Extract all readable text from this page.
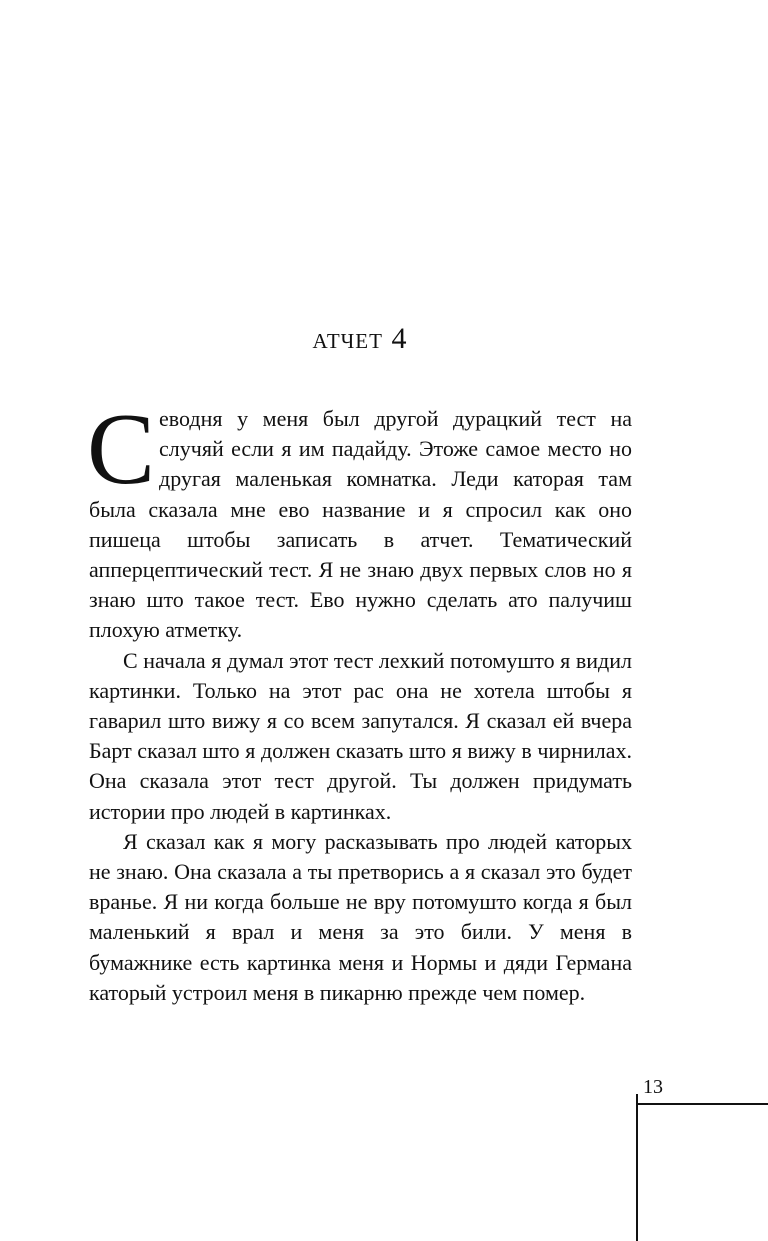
атчет 4

Севодня у меня был другой дурацкий тест на случяй если я им падайду. Этоже самое место но другая маленькая комнатка. Леди каторая там была сказала мне ево название и я спросил как оно пишеца штобы записать в атчет. Тематический апперцептический тест. Я не знаю двух первых слов но я знаю што такое тест. Ево нужно сделать ато палучиш плохую атметку.

С начала я думал этот тест лехкий потомушто я видил картинки. Только на этот рас она не хотела штобы я гаварил што вижу я со всем запутался. Я сказал ей вчера Барт сказал што я должен сказать што я вижу в чирнилах. Она сказала этот тест другой. Ты должен придумать истории про людей в картинках.

Я сказал как я могу раcказывать про людей каторых не знаю. Она сказала а ты претворись а я сказал это будет вранье. Я ни когда больше не вру потомушто когда я был маленький я врал и меня за это били. У меня в бумажнике есть картинка меня и Нормы и дяди Германа каторый устроил меня в пикарню прежде чем помер.

13
